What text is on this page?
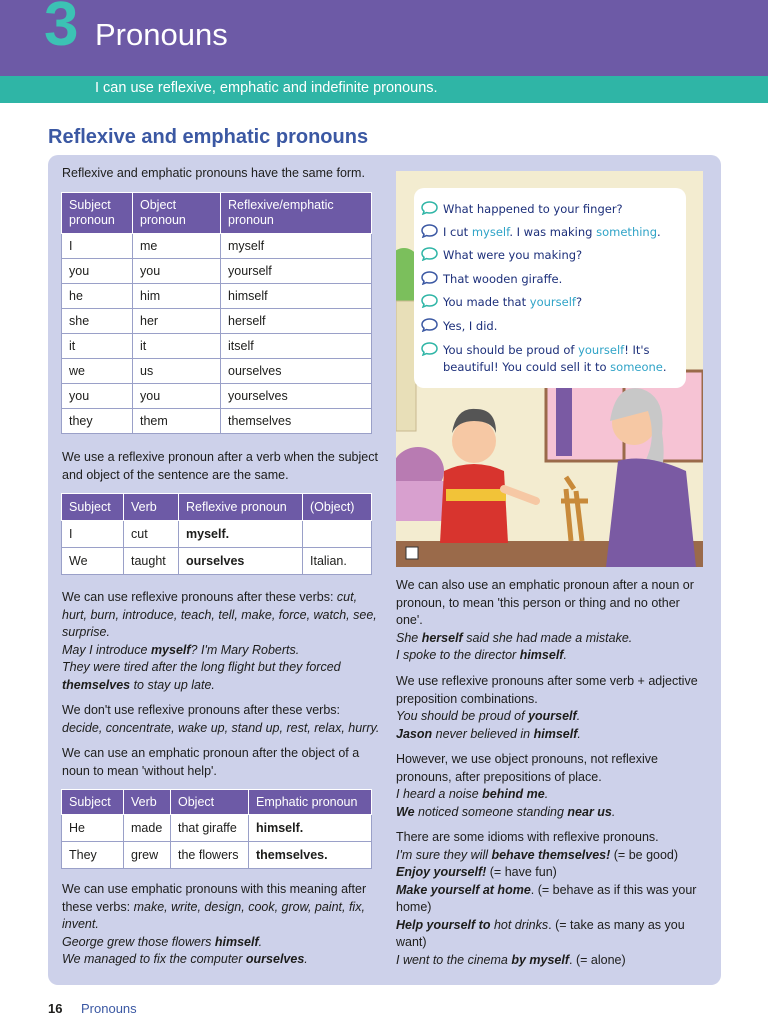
3 Pronouns
I can use reflexive, emphatic and indefinite pronouns.
Reflexive and emphatic pronouns
Reflexive and emphatic pronouns have the same form.
Subject pronoun	Object pronoun	Reflexive/emphatic pronoun
I	me	myself
you	you	yourself
he	him	himself
she	her	herself
it	it	itself
we	us	ourselves
you	you	yourselves
they	them	themselves
We use a reflexive pronoun after a verb when the subject and object of the sentence are the same.
Subject	Verb	Reflexive pronoun	(Object)
I	cut	myself.	
We	taught	ourselves	Italian.
We can use reflexive pronouns after these verbs: cut, hurt, burn, introduce, teach, tell, make, force, watch, see, surprise.
May I introduce myself? I'm Mary Roberts.
They were tired after the long flight but they forced themselves to stay up late.
We don't use reflexive pronouns after these verbs:
decide, concentrate, wake up, stand up, rest, relax, hurry.
We can use an emphatic pronoun after the object of a noun to mean 'without help'.
Subject	Verb	Object	Emphatic pronoun
He	made	that giraffe	himself.
They	grew	the flowers	themselves.
We can use emphatic pronouns with this meaning after these verbs: make, write, design, cook, grow, paint, fix, invent.
George grew those flowers himself.
We managed to fix the computer ourselves.
What happened to your finger?
I cut myself. I was making something.
What were you making?
That wooden giraffe.
You made that yourself?
Yes, I did.
You should be proud of yourself! It's
beautiful! You could sell it to someone.
We can also use an emphatic pronoun after a noun or pronoun, to mean 'this person or thing and no other one'.
She herself said she had made a mistake.
I spoke to the director himself.
We use reflexive pronouns after some verb + adjective preposition combinations.
You should be proud of yourself.
Jason never believed in himself.
However, we use object pronouns, not reflexive pronouns, after prepositions of place.
I heard a noise behind me.
We noticed someone standing near us.
There are some idioms with reflexive pronouns.
I'm sure they will behave themselves! (= be good)
Enjoy yourself! (= have fun)
Make yourself at home. (= behave as if this was your home)
Help yourself to hot drinks. (= take as many as you want)
I went to the cinema by myself. (= alone)
16 Pronouns
